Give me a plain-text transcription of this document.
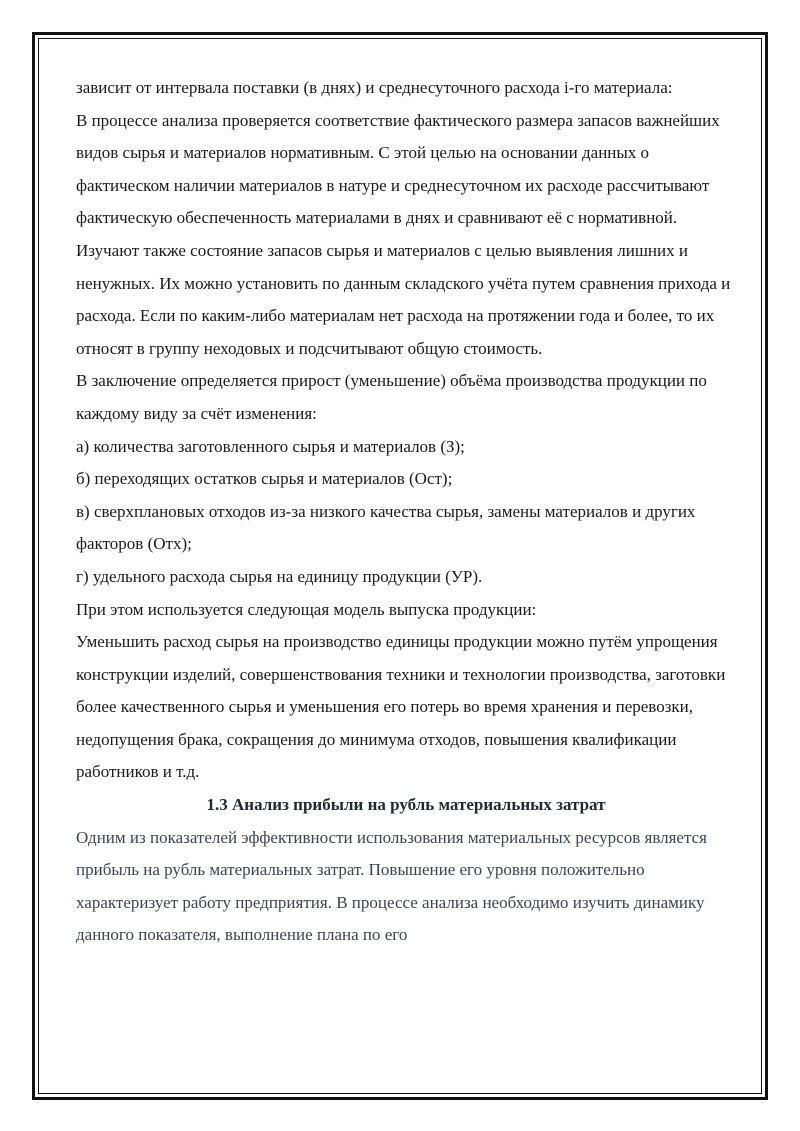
зависит от интервала поставки (в днях) и среднесуточного расхода i-го материала:

В процессе анализа проверяется соответствие фактического размера запасов важнейших видов сырья и материалов нормативным. С этой целью на основании данных о фактическом наличии материалов в натуре и среднесуточном их расходе рассчитывают фактическую обеспеченность материалами в днях и сравнивают её с нормативной.

Изучают также состояние запасов сырья и материалов с целью выявления лишних и ненужных. Их можно установить по данным складского учёта путем сравнения прихода и расхода. Если по каким-либо материалам нет расхода на протяжении года и более, то их относят в группу неходовых и подсчитывают общую стоимость.

В заключение определяется прирост (уменьшение) объёма производства продукции по каждому виду за счёт изменения:

а) количества заготовленного сырья и материалов (З);

б) переходящих остатков сырья и материалов (Ост);

в) сверхплановых отходов из-за низкого качества сырья, замены материалов и других факторов (Отх);

г) удельного расхода сырья на единицу продукции (УР).

При этом используется следующая модель выпуска продукции:

Уменьшить расход сырья на производство единицы продукции можно путём упрощения конструкции изделий, совершенствования техники и технологии производства, заготовки более качественного сырья и уменьшения его потерь во время хранения и перевозки, недопущения брака, сокращения до минимума отходов, повышения квалификации работников и т.д.

1.3 Анализ прибыли на рубль материальных затрат

Одним из показателей эффективности использования материальных ресурсов является прибыль на рубль материальных затрат. Повышение его уровня положительно характеризует работу предприятия. В процессе анализа необходимо изучить динамику данного показателя, выполнение плана по его
